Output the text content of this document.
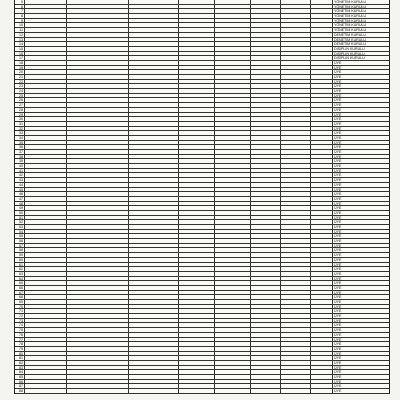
5	YÖNETİM KURULU
6	YÖNETİM KURULU
7	YÖNETİM KURULU
8	YÖNETİM KURULU
9	YÖNETİM KURULU
10	YÖNETİM KURULU
11	YÖNETİM KURULU
12	DENETİM KURULU
13	DENETİM KURULU
14	DENETİM KURULU
15	DİSİPLİN KURULU
16	DİSİPLİN KURULU
17	DİSİPLİN KURULU
18	ÜYE
19	ÜYE
20	ÜYE
21	ÜYE
22	ÜYE
23	ÜYE
24	ÜYE
25	ÜYE
26	ÜYE
27	ÜYE
28	ÜYE
29	ÜYE
30	ÜYE
31	ÜYE
32	ÜYE
33	ÜYE
34	ÜYE
35	ÜYE
36	ÜYE
37	ÜYE
38	ÜYE
39	ÜYE
40	ÜYE
41	ÜYE
42	ÜYE
43	ÜYE
44	ÜYE
45	ÜYE
46	ÜYE
47	ÜYE
48	ÜYE
49	ÜYE
50	ÜYE
51	ÜYE
52	ÜYE
53	ÜYE
54	ÜYE
55	ÜYE
56	ÜYE
57	ÜYE
58	ÜYE
59	ÜYE
60	ÜYE
61	ÜYE
62	ÜYE
63	ÜYE
64	ÜYE
65	ÜYE
66	ÜYE
67	ÜYE
68	ÜYE
69	ÜYE
70	ÜYE
71	ÜYE
72	ÜYE
73	ÜYE
74	ÜYE
75	ÜYE
76	ÜYE
77	ÜYE
78	ÜYE
79	ÜYE
80	ÜYE
81	ÜYE
82	ÜYE
83	ÜYE
84	ÜYE
85	ÜYE
86	ÜYE
87	ÜYE
88	ÜYE
